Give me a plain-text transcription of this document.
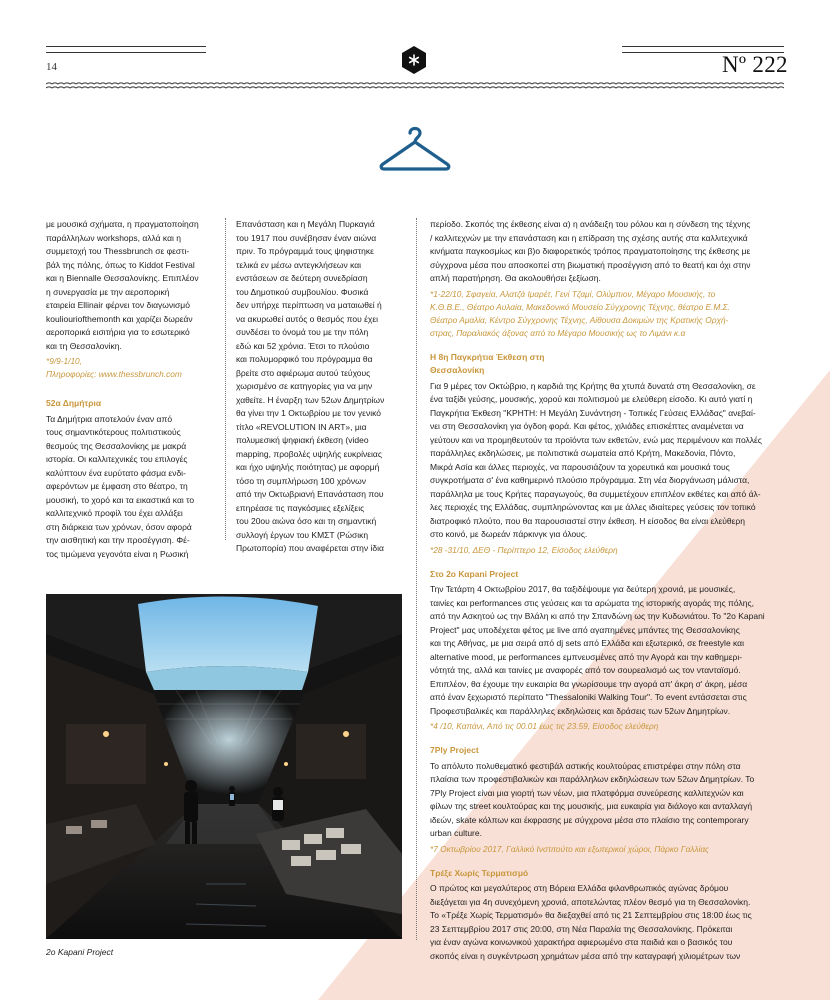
14	Nº 222

με μουσικά σχήματα, η πραγματοποίηση
παράλληλων workshops, αλλά και η
συμμετοχή του Thessbrunch σε φεστι-
βάλ της πόλης, όπως το Kiddot Festival
και η Biennalle Θεσσαλονίκης. Επιπλέον
η συνεργασία με την αεροπορική
εταιρεία Ellinair φέρνει τον διαγωνισμό
kouliouriofthemonth και χαρίζει δωρεάν
αεροπορικά εισιτήρια για το εσωτερικό
και τη Θεσσαλονίκη.

*9/9-1/10,
Πληροφορίες: www.thessbrunch.com

52α Δημήτρια

Τα Δημήτρια αποτελούν έναν από
τους σημαντικότερους πολιτιστικούς
θεσμούς της Θεσσαλονίκης με μακρά
ιστορία. Οι καλλιτεχνικές του επιλογές
καλύπτουν ένα ευρύτατο φάσμα ενδι-
αφερόντων με έμφαση στο θέατρο, τη
μουσική, το χορό και τα εικαστικά και το
καλλιτεχνικό προφίλ του έχει αλλάξει
στη διάρκεια των χρόνων, όσον αφορά
την αισθητική και την προσέγγιση. Φέ-
τος τιμώμενα γεγονότα είναι η Ρωσική

Επανάσταση και η Μεγάλη Πυρκαγιά
του 1917 που συνέβησαν έναν αιώνα
πριν. Το πρόγραμμά τους ψηφιστηκε
τελικά εν μέσω αντεγκλήσεων και
ενστάσεων σε δεύτερη συνεδρίαση
του Δημοτικού συμβουλίου. Φυσικά
δεν υπήρχε περίπτωση να ματαιωθεί ή
να ακυρωθεί αυτός ο θεσμός που έχει
συνδέσει το όνομά του με την πόλη
εδώ και 52 χρόνια. Έτσι το πλούσιο
και πολυμορφικό του πρόγραμμα θα
βρείτε στο αφιέρωμα αυτού τεύχους
χωρισμένο σε κατηγορίες για να μην
χαθείτε. Η έναρξη των 52ων Δημητρίων
θα γίνει την 1 Οκτωβρίου με τον γενικό
τίτλο «REVOLUTION IN ART», μια
πολυμεσική ψηφιακή έκθεση (video
mapping, προβολές υψηλής ευκρίνειας
και ήχο υψηλής ποιότητας) με αφορμή
τόσο τη συμπλήρωση 100 χρόνων
από την Οκτωβριανή Επανάσταση που
επηρέασε τις παγκόσμιες εξελίξεις
του 20ου αιώνα όσο και τη σημαντική
συλλογή έργων του ΚΜΣΤ (Ρώσικη
Πρωτοπορία) που αναφέρεται στην ίδια

περίοδο. Σκοπός της έκθεσης είναι α) η ανάδειξη του ρόλου και η σύνδεση της τέχνης
/ καλλιτεχνών με την επανάσταση και η επίδραση της σχέσης αυτής στα καλλιτεχνικά
κινήματα παγκοσμίως και β)ο διαφορετικός τρόπος πραγματοποίησης της έκθεσης με
σύγχρονα μέσα που αποσκοπεί στη βιωματική προσέγγιση από το θεατή και όχι στην
απλή παρατήρηση. Θα ακολουθήσει ξεξίωση.

*1-22/10, Σφαγεία, Αλατζά Ιμαρέτ, Γενί Τζαμί, Ολύμπιον, Μέγαρο Μουσικής, το
Κ.Θ.Β.Ε., Θέατρο Αυλαία, Μακεδονικό Μουσείο Σύγχρονης Τέχνης, θέατρο Ε.Μ.Σ.
Θέατρο Αμαλία, Κέντρο Σύγχρονης Τέχνης, Αίθουσα Δοκιμών της Κρατικής Ορχή-
στρας, Παραλιακός άξονας από το Μέγαρο Μουσικής ως το Λιμάνι κ.α

Η 8η Παγκρήτια Έκθεση στη
Θεσσαλονίκη

Για 9 μέρες τον Οκτώβριο, η καρδιά της Κρήτης θα χτυπά δυνατά στη Θεσσαλονίκη, σε
ένα ταξίδι γεύσης, μουσικής, χορού και πολιτισμού με ελεύθερη είσοδο. Κι αυτό γιατί η
Παγκρήτια Έκθεση "ΚΡΗΤΗ: Η Μεγάλη Συνάντηση - Τοπικές Γεύσεις Ελλάδας" ανεβαί-
νει στη Θεσσαλονίκη για όγδοη φορά. Και φέτος, χιλιάδες επισκέπτες αναμένεται να
γεύτουν και να προμηθευτούν τα προϊόντα των εκθετών, ενώ μας περιμένουν και πολλές
παράλληλες εκδηλώσεις, με πολιτιστικά σωματεία από Κρήτη, Μακεδονία, Πόντο,
Μικρά Ασία και άλλες περιοχές, να παρουσιάζουν τα χορευτικά και μουσικά τους
συγκροτήματα σ' ένα καθημερινό πλούσιο πρόγραμμα. Στη νέα διοργάνωση μάλιστα,
παράλληλα με τους Κρήτες παραγωγούς, θα συμμετέχουν επιπλέον εκθέτες και από άλ-
λες περιοχές της Ελλάδας, συμπληρώνοντας και με άλλες ιδιαίτερες γεύσεις τον τοπικό
διατροφικό πλούτο, που θα παρουσιαστεί στην έκθεση. Η είσοδος θα είναι ελεύθερη
στο κοινό, με δωρεάν πάρκινγκ για όλους.

*28 -31/10, ΔΕΘ - Περίπτερο 12, Είσοδος ελεύθερη

Στο 2ο Καpani Project

Την Τετάρτη 4 Οκτωβρίου 2017, θα ταξιδέψουμε για δεύτερη χρονιά, με μουσικές,
ταινίες και performances στις γεύσεις και τα αρώματα της ιστορικής αγοράς της πόλης,
από την Ασκητού ως την Βλάλη κι από την Σπανδώνη ως την Κυδωνιάτου. Το "2ο Kapani
Project" μας υποδέχεται φέτος με live από αγαπημένες μπάντες της Θεσσαλονίκης
και της Αθήνας, με μια σειρά από dj sets από Ελλάδα και εξωτερικό, σε freestyle και
alternative mood, με performances εμπνευσμένες από την Αγορά και την καθημερι-
νότητά της, αλλά και ταινίες με αναφορές από τον σουρεαλισμό ως τον ντανταϊσμό.
Επιπλέον, θα έχουμε την ευκαιρία θα γνωρίσουμε την αγορά απ' άκρη σ' άκρη, μέσα
από έναν ξεχωριστό περίπατο "Thessaloniki Walking Tour". Το event εντάσσεται στις
Προφεστιβαλικές και παράλληλες εκδηλώσεις και δράσεις των 52ων Δημητρίων.

*4 /10, Καπάνι, Από τις 00.01 έως τις 23.59, Είσοδος ελεύθερη

7Ply Project

Το απόλυτο πολυθεματικό φεστιβάλ αστικής κουλτούρας επιστρέφει στην πόλη στα
πλαίσια των προφεστιβαλικών και παράλληλων εκδηλώσεων των 52ων Δημητρίων. Το
7Ply Project είναι μια γιορτή των νέων, μια πλατφόρμα συνεύρεσης καλλιτεχνών και
φίλων της street κουλτούρας και της μουσικής, μια ευκαιρία για διάλογο και ανταλλαγή
ιδεών, skate κόλπων και έκφρασης με σύγχρονα μέσα στο πλαίσιο της contemporary
urban culture.

*7 Οκτωβρίου 2017, Γαλλικό Ινστιτούτο και εξωτερικοί χώροι, Πάρκο Γαλλίας

Τρέξε Χωρίς Τερματισμό

Ο πρώτος και μεγαλύτερος στη Βόρεια Ελλάδα φιλανθρωπικός αγώνας δρόμου
διεξάγεται για 4η συνεχόμενη χρονιά, αποτελώντας πλέον θεσμό για τη Θεσσαλονίκη.
Το «Τρέξε Χωρίς Τερματισμό» θα διεξαχθεί από τις 21 Σεπτεμβρίου στις 18:00 έως τις
23 Σεπτεμβρίου 2017 στις 20:00, στη Νέα Παραλία της Θεσσαλονίκης. Πρόκειται
για έναν αγώνα κοινωνικού χαρακτήρα αφιερωμένο στα παιδιά και ο βασικός του
σκοπός είναι η συγκέντρωση χρημάτων μέσα από την καταγραφή χιλιομέτρων των

2ο Kapani Project
